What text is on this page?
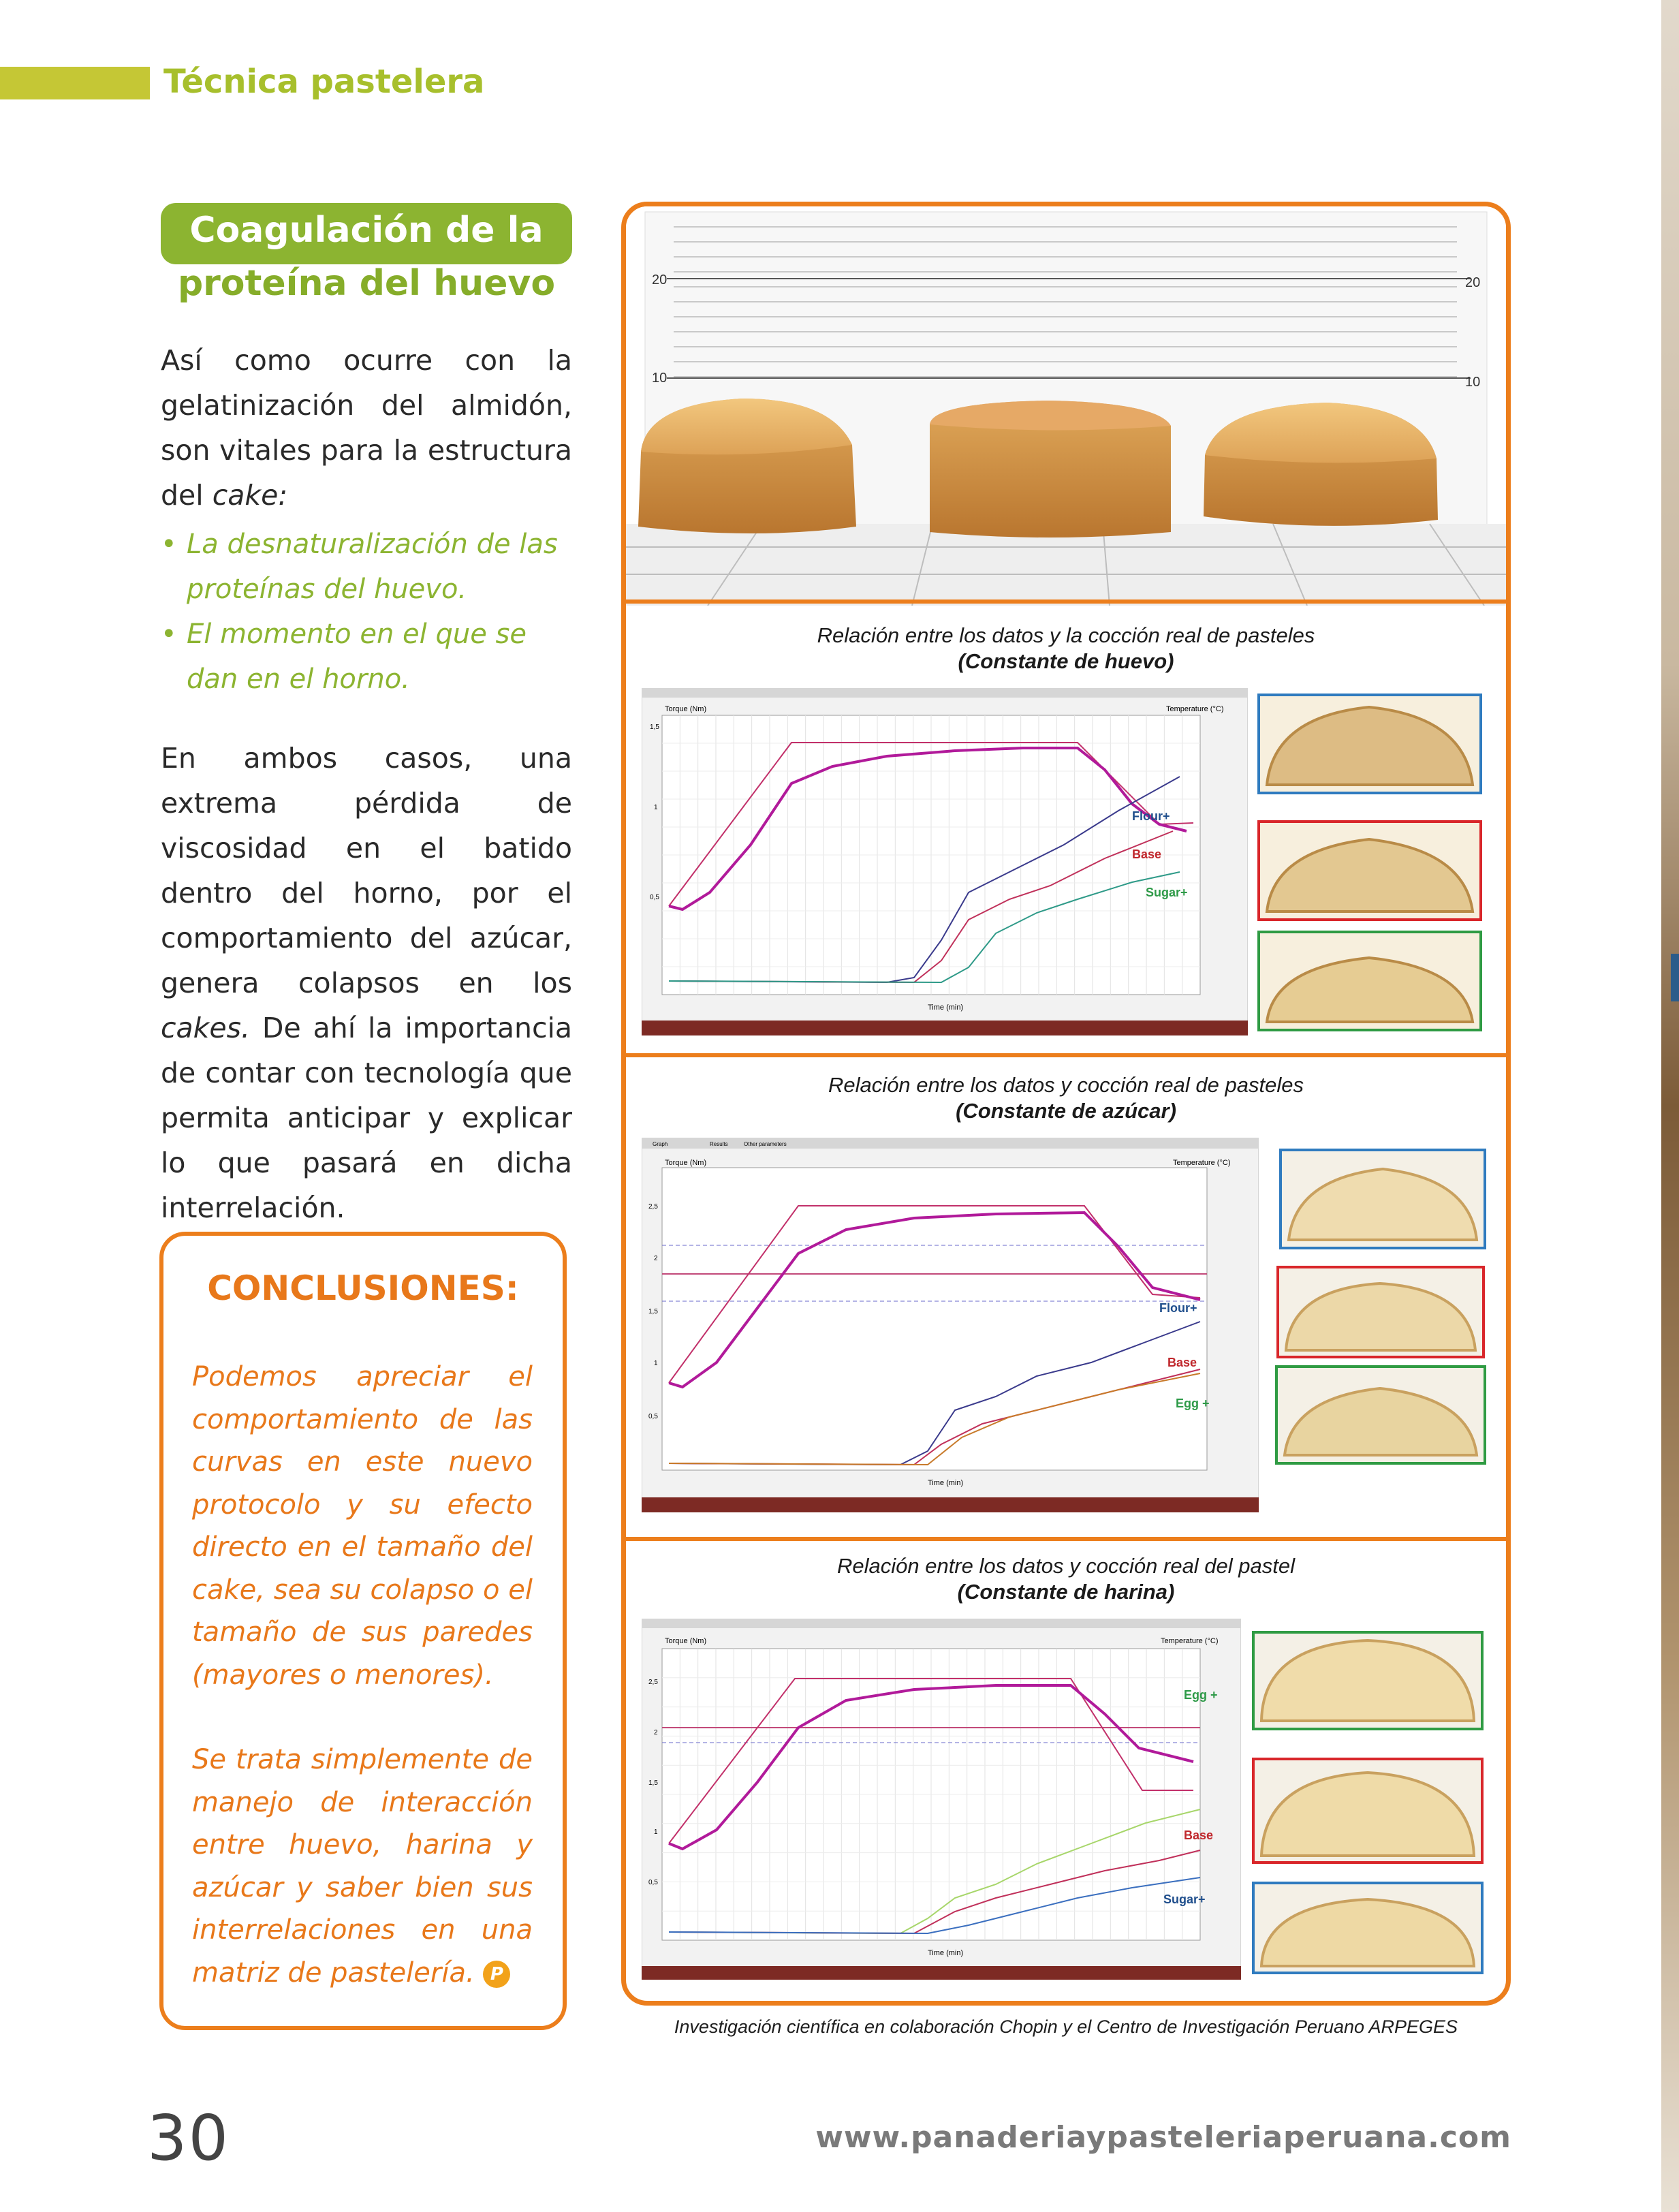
Técnica pastelera
Coagulación de la
proteína del huevo

Así como ocurre con la gelatinización del almidón, son vitales para la estructura del cake:

• La desnaturalización de las proteínas del huevo.
• El momento en el que se dan en el horno.

En ambos casos, una extrema pérdida de viscosidad en el batido dentro del horno, por el comportamiento del azúcar, genera colapsos en los cakes. De ahí la importancia de contar con tecnología que permita anticipar y explicar lo que pasará en dicha interrelación.

CONCLUSIONES:

Podemos apreciar el comportamiento de las curvas en este nuevo protocolo y su efecto directo en el tamaño del cake, sea su colapso o el tamaño de sus paredes (mayores o menores).

Se trata simplemente de manejo de interacción entre huevo, harina y azúcar y saber bien sus interrelaciones en una matriz de pastelería. P

20	20
10	10
Relación entre los datos y la cocción real de pasteles
(Constante de huevo)
Relación entre los datos y cocción real de pasteles
(Constante de azúcar)
Relación entre los datos y cocción real del pastel
(Constante de harina)
Torque (Nm)	Temperature (°C)
1,5
1
0,5
Time (min)
Flour+
Base
Sugar+
Graph	Results	Other parameters
Torque (Nm)	Temperature (°C)
2,5
2
1,5
1
0,5
Time (min)
Flour+
Base
Egg +
Torque (Nm)	Temperature (°C)
2,5
2
1,5
1
0,5
Time (min)
Egg +
Base
Sugar+
Investigación científica en colaboración Chopin y el Centro de Investigación Peruano ARPEGES
30	www.panaderiaypasteleriaperuana.com
